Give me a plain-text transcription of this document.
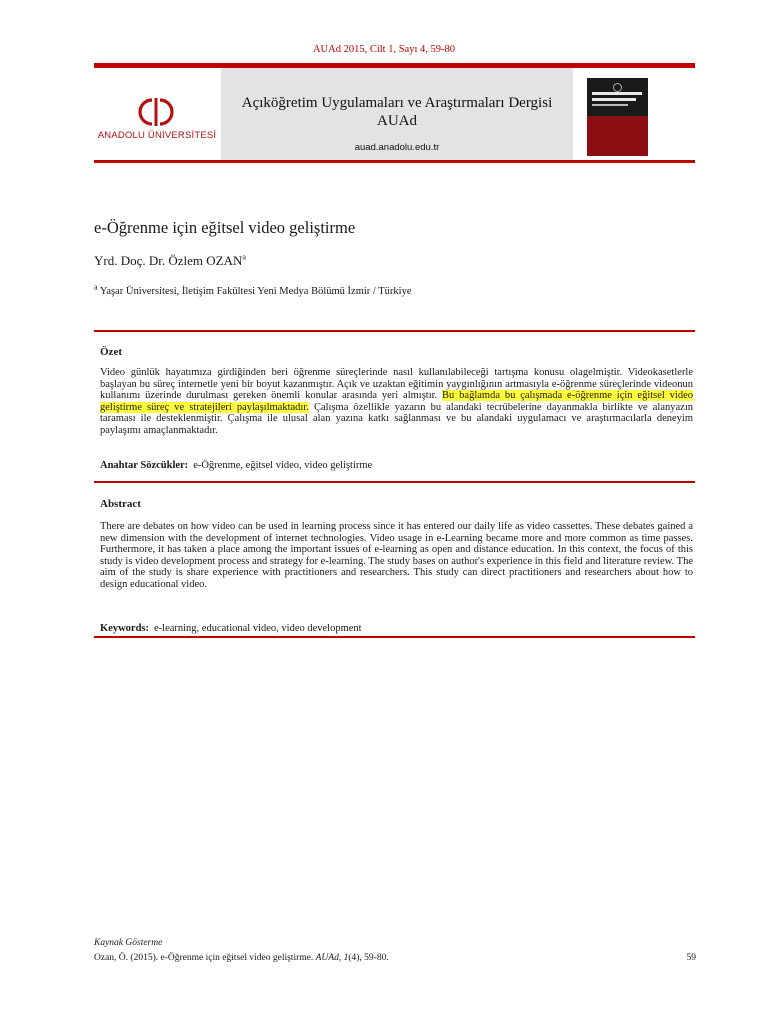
AUAd 2015, Cilt 1, Sayı 4, 59-80
ANADOLU ÜNİVERSİTESİ
Açıköğretim Uygulamaları ve Araştırmaları Dergisi
AUAd
auad.anadolu.edu.tr
e-Öğrenme için eğitsel video geliştirme
Yrd. Doç. Dr. Özlem OZAN$^a$
$^a$ Yaşar Üniversitesi, İletişim Fakültesi Yeni Medya Bölümü İzmir / Türkiye
Özet
Video günlük hayatımıza girdiğinden beri öğrenme süreçlerinde nasıl kullanılabileceği tartışma konusu olagelmiştir. Videokasetlerle başlayan bu süreç internetle yeni bir boyut kazanmıştır. Açık ve uzaktan eğitimin yaygınlığının artmasıyla e-öğrenme süreçlerinde videonun kullanımı üzerinde durulması gereken önemli konular arasında yeri almıştır. Bu bağlamda bu çalışmada e-öğrenme için eğitsel video geliştirme süreç ve stratejileri paylaşılmaktadır. Çalışma özellikle yazarın bu alandaki tecrübelerine dayanmakla birlikte ve alanyazın taraması ile desteklenmiştir. Çalışma ile ulusal alan yazına katkı sağlanması ve bu alandaki uygulamacı ve araştırmacılarla deneyim paylaşımı amaçlanmaktadır.
Anahtar Sözcükler: e-Öğrenme, eğitsel video, video geliştirme
Abstract
There are debates on how video can be used in learning process since it has entered our daily life as video cassettes. These debates gained a new dimension with the development of internet technologies. Video usage in e-Learning became more and more common as time passes. Furthermore, it has taken a place among the important issues of e-learning as open and distance education. In this context, the focus of this study is video development process and strategy for e-learning. The study bases on author's experience in this field and literature review. The aim of the study is share experience with practitioners and researchers. This study can direct practitioners and researchers about how to design educational video.
Keywords: e-learning, educational video, video development
Kaynak Gösterme
Ozan, Ö. (2015). e-Öğrenme için eğitsel video geliştirme. AUAd, 1(4), 59-80.	59
